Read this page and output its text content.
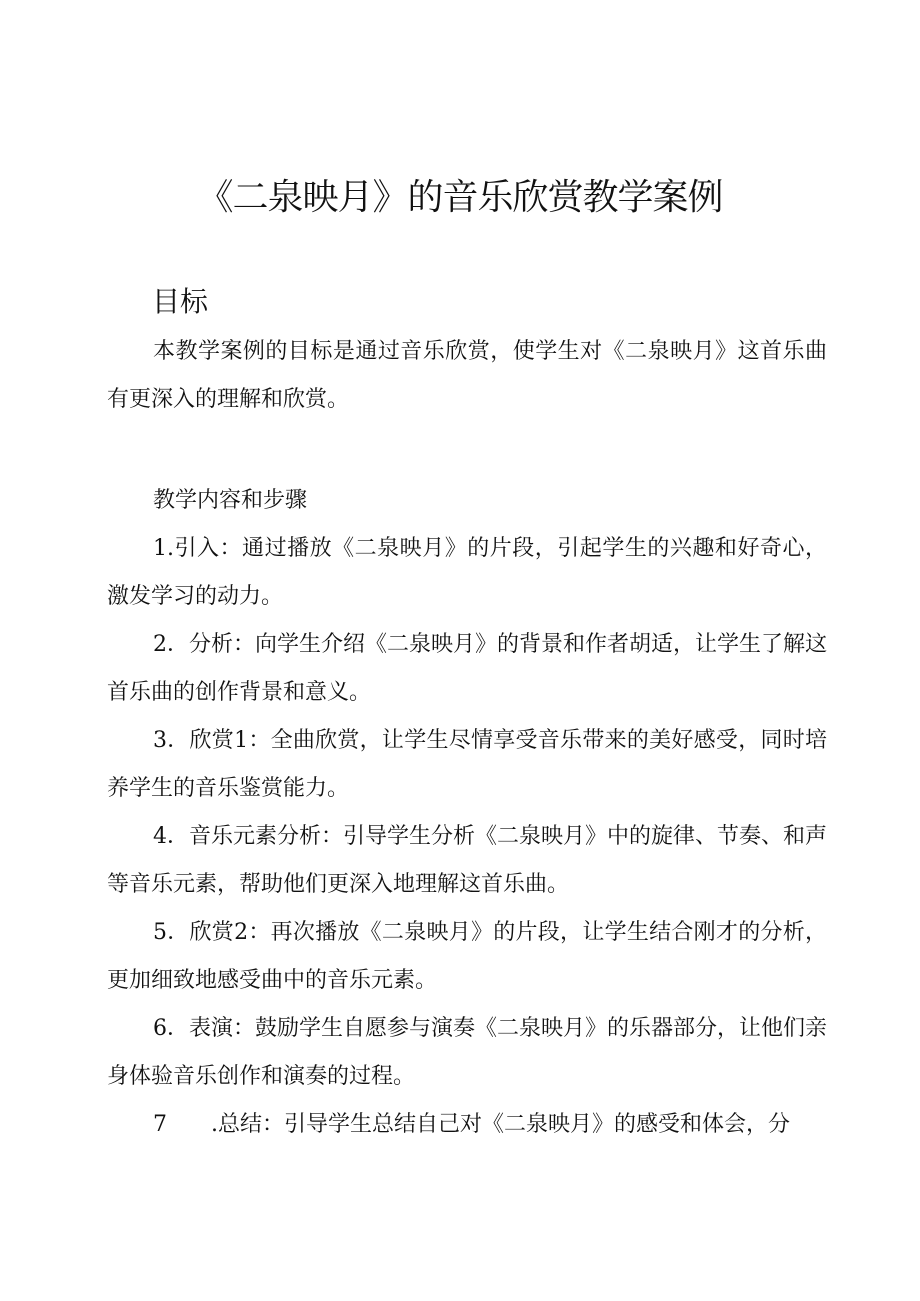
《二泉映月》的音乐欣赏教学案例
目标

本教学案例的目标是通过音乐欣赏，使学生对《二泉映月》这首乐曲有更深入的理解和欣赏。

教学内容和步骤

1.引入：通过播放《二泉映月》的片段，引起学生的兴趣和好奇心，激发学习的动力。

2．分析：向学生介绍《二泉映月》的背景和作者胡适，让学生了解这首乐曲的创作背景和意义。

3．欣赏1：全曲欣赏，让学生尽情享受音乐带来的美好感受，同时培养学生的音乐鉴赏能力。

4．音乐元素分析：引导学生分析《二泉映月》中的旋律、节奏、和声等音乐元素，帮助他们更深入地理解这首乐曲。

5．欣赏2：再次播放《二泉映月》的片段，让学生结合刚才的分析，更加细致地感受曲中的音乐元素。

6．表演：鼓励学生自愿参与演奏《二泉映月》的乐器部分，让他们亲身体验音乐创作和演奏的过程。

7　　.总结：引导学生总结自己对《二泉映月》的感受和体会，分
